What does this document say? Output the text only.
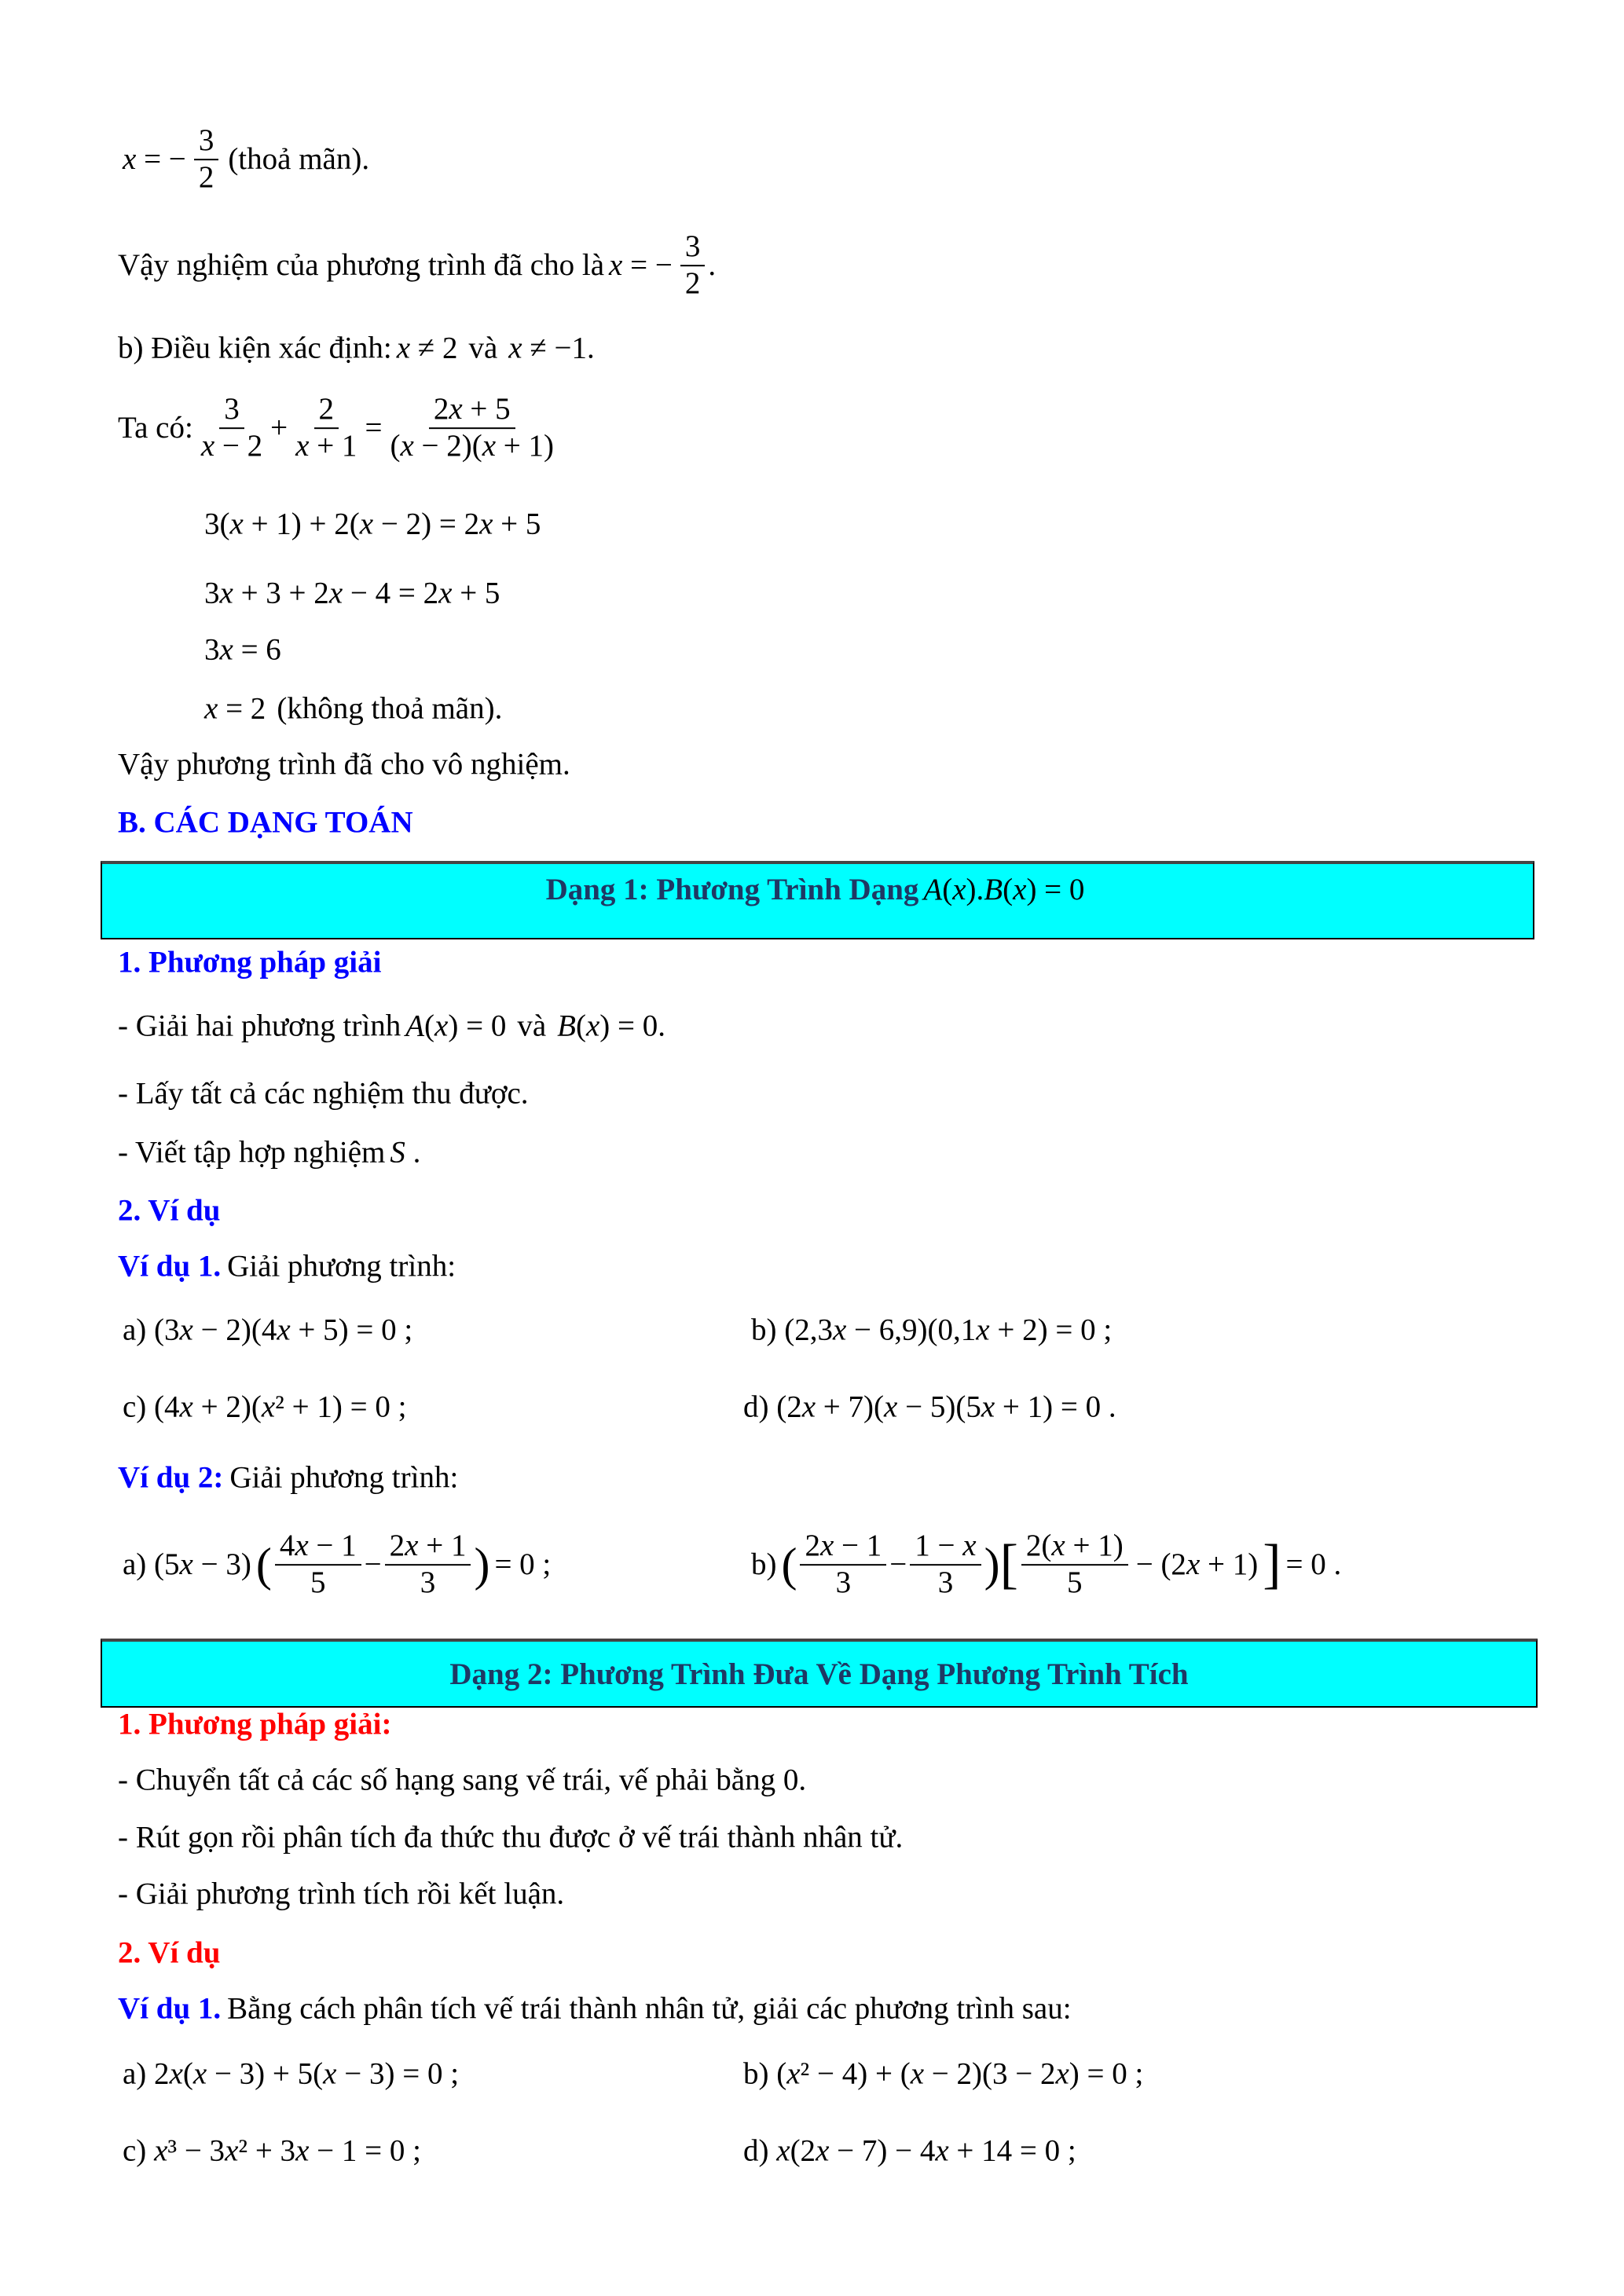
x = − $\frac{3}{2}$ (thoả mãn).
Vậy nghiệm của phương trình đã cho là x = − $\frac{3}{2}$ .
b) Điều kiện xác định: x ≠ 2 và x ≠ −1.
Ta có: $\frac{3}{x - 2} + \frac{2}{x + 1} = \frac{2x + 5}{(x - 2)(x + 1)}$
3(x + 1) + 2(x − 2) = 2x + 5
3x + 3 + 2x − 4 = 2x + 5
3x = 6
x = 2 (không thoả mãn).
Vậy phương trình đã cho vô nghiệm.
B. CÁC DẠNG TOÁN
Dạng 1: Phương Trình Dạng A(x).B(x) = 0
1. Phương pháp giải
- Giải hai phương trình A(x) = 0 và B(x) = 0.
- Lấy tất cả các nghiệm thu được.
- Viết tập hợp nghiệm S .
2. Ví dụ
Ví dụ 1. Giải phương trình:
a) (3x − 2)(4x + 5) = 0 ;	b) (2,3x − 6,9)(0,1x + 2) = 0 ;
c) (4x + 2)(x² + 1) = 0 ;	d) (2x + 7)(x − 5)(5x + 1) = 0 .
Ví dụ 2: Giải phương trình:
a) (5x − 3) ( $\frac{4x - 1}{5} - \frac{2x + 1}{3}$ ) = 0 ;	b) ( $\frac{2x - 1}{3} - \frac{1 - x}{3}$ ) [ $\frac{2(x + 1)}{5} - (2x + 1)$ ] = 0 .
Dạng 2: Phương Trình Đưa Về Dạng Phương Trình Tích
1. Phương pháp giải:
- Chuyển tất cả các số hạng sang vế trái, vế phải bằng 0.
- Rút gọn rồi phân tích đa thức thu được ở vế trái thành nhân tử.
- Giải phương trình tích rồi kết luận.
2. Ví dụ
Ví dụ 1. Bằng cách phân tích vế trái thành nhân tử, giải các phương trình sau:
a) 2x(x − 3) + 5(x − 3) = 0 ;	b) (x² − 4) + (x − 2)(3 − 2x) = 0 ;
c) x³ − 3x² + 3x − 1 = 0 ;	d) x(2x − 7) − 4x + 14 = 0 ;
